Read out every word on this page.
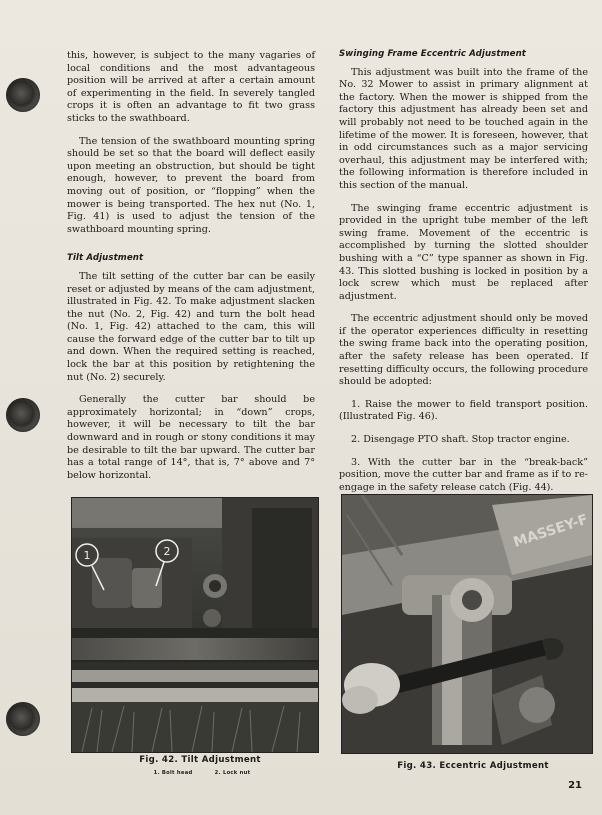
this, however, is subject to the many vagaries of local conditions and the most advantageous position will be arrived at after a certain amount of experimenting in the field. In severely tangled crops it is often an advantage to fit two grass sticks to the swathboard.

The tension of the swathboard mounting spring should be set so that the board will deflect easily upon meeting an obstruction, but should be tight enough, however, to prevent the board from moving out of position, or “flopping” when the mower is being transported. The hex nut (No. 1, Fig. 41) is used to adjust the tension of the swathboard mounting spring.

Tilt Adjustment

The tilt setting of the cutter bar can be easily reset or adjusted by means of the cam adjustment, illustrated in Fig. 42. To make adjustment slacken the nut (No. 2, Fig. 42) and turn the bolt head (No. 1, Fig. 42) attached to the cam, this will cause the forward edge of the cutter bar to tilt up and down. When the required setting is reached, lock the bar at this position by retightening the nut (No. 2) securely.

Generally the cutter bar should be approximately horizontal; in “down” crops, however, it will be necessary to tilt the bar downward and in rough or stony conditions it may be desirable to tilt the bar upward. The cutter bar has a total range of 14°, that is, 7° above and 7° below horizontal.

Swinging Frame Eccentric Adjustment

This adjustment was built into the frame of the No. 32 Mower to assist in primary alignment at the factory. When the mower is shipped from the factory this adjustment has already been set and will probably not need to be touched again in the lifetime of the mower. It is foreseen, however, that in odd circumstances such as a major servicing overhaul, this adjustment may be interfered with; the following information is therefore included in this section of the manual.

The swinging frame eccentric adjustment is provided in the upright tube member of the left swing frame. Movement of the eccentric is accomplished by turning the slotted shoulder bushing with a “C” type spanner as shown in Fig. 43. This slotted bushing is locked in position by a lock screw which must be replaced after adjustment.

The eccentric adjustment should only be moved if the operator experiences difficulty in resetting the swing frame back into the operating position, after the safety release has been operated. If resetting difficulty occurs, the following procedure should be adopted:

1. Raise the mower to field transport position. (Illustrated Fig. 46).

2. Disengage PTO shaft. Stop tractor engine.

3. With the cutter bar in the “break-back” position, move the cutter bar and frame as if to re-engage in the safety release catch (Fig. 44).

1	2
MASSEY-F
Fig. 42. Tilt Adjustment
1. Bolt head	2. Lock nut
Fig. 43. Eccentric Adjustment
21
